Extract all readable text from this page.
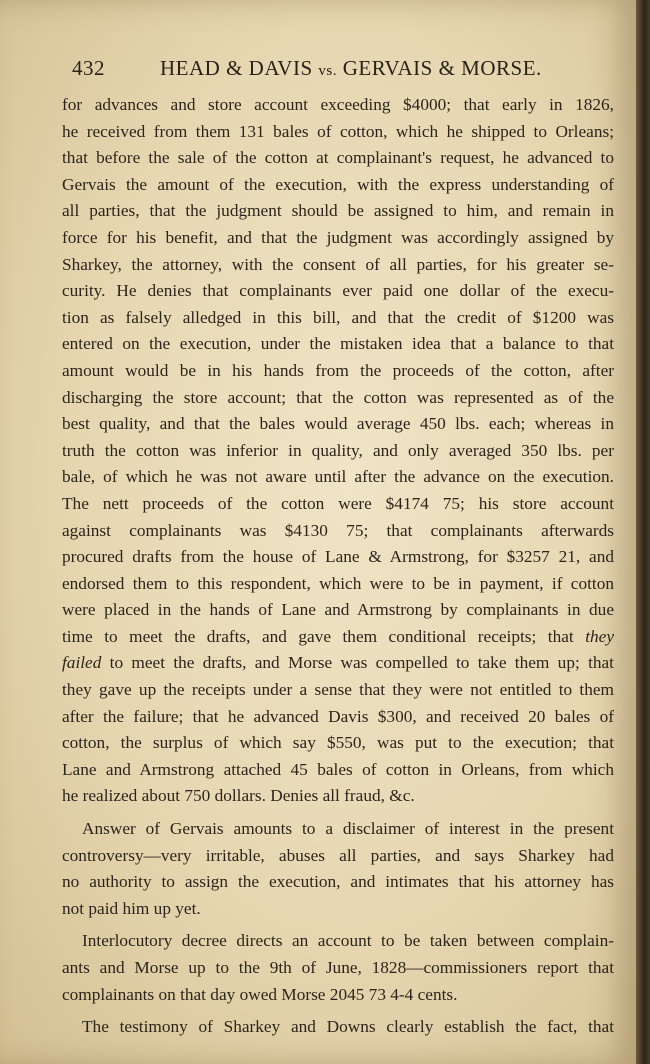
432	HEAD & DAVIS vs. GERVAIS & MORSE.

for advances and store account exceeding $4000; that early in 1826,

he received from them 131 bales of cotton, which he shipped to Orleans;

that before the sale of the cotton at complainant's request, he advanced to

Gervais the amount of the execution, with the express understanding of

all parties, that the judgment should be assigned to him, and remain in

force for his benefit, and that the judgment was accordingly assigned by

Sharkey, the attorney, with the consent of all parties, for his greater se-

curity. He denies that complainants ever paid one dollar of the execu-

tion as falsely alledged in this bill, and that the credit of $1200 was

entered on the execution, under the mistaken idea that a balance to that

amount would be in his hands from the proceeds of the cotton, after

discharging the store account; that the cotton was represented as of the

best quality, and that the bales would average 450 lbs. each; whereas in

truth the cotton was inferior in quality, and only averaged 350 lbs. per

bale, of which he was not aware until after the advance on the execution.

The nett proceeds of the cotton were $4174 75; his store account

against complainants was $4130 75; that complainants afterwards

procured drafts from the house of Lane & Armstrong, for $3257 21, and

endorsed them to this respondent, which were to be in payment, if cotton

were placed in the hands of Lane and Armstrong by complainants in due

time to meet the drafts, and gave them conditional receipts; that they

failed to meet the drafts, and Morse was compelled to take them up; that

they gave up the receipts under a sense that they were not entitled to them

after the failure; that he advanced Davis $300, and received 20 bales of

cotton, the surplus of which say $550, was put to the execution; that

Lane and Armstrong attached 45 bales of cotton in Orleans, from which

he realized about 750 dollars. Denies all fraud, &c.

Answer of Gervais amounts to a disclaimer of interest in the present

controversy—very irritable, abuses all parties, and says Sharkey had

no authority to assign the execution, and intimates that his attorney has

not paid him up yet.

Interlocutory decree directs an account to be taken between complain-

ants and Morse up to the 9th of June, 1828—commissioners report that

complainants on that day owed Morse 2045 73 4-4 cents.

The testimony of Sharkey and Downs clearly establish the fact, that
